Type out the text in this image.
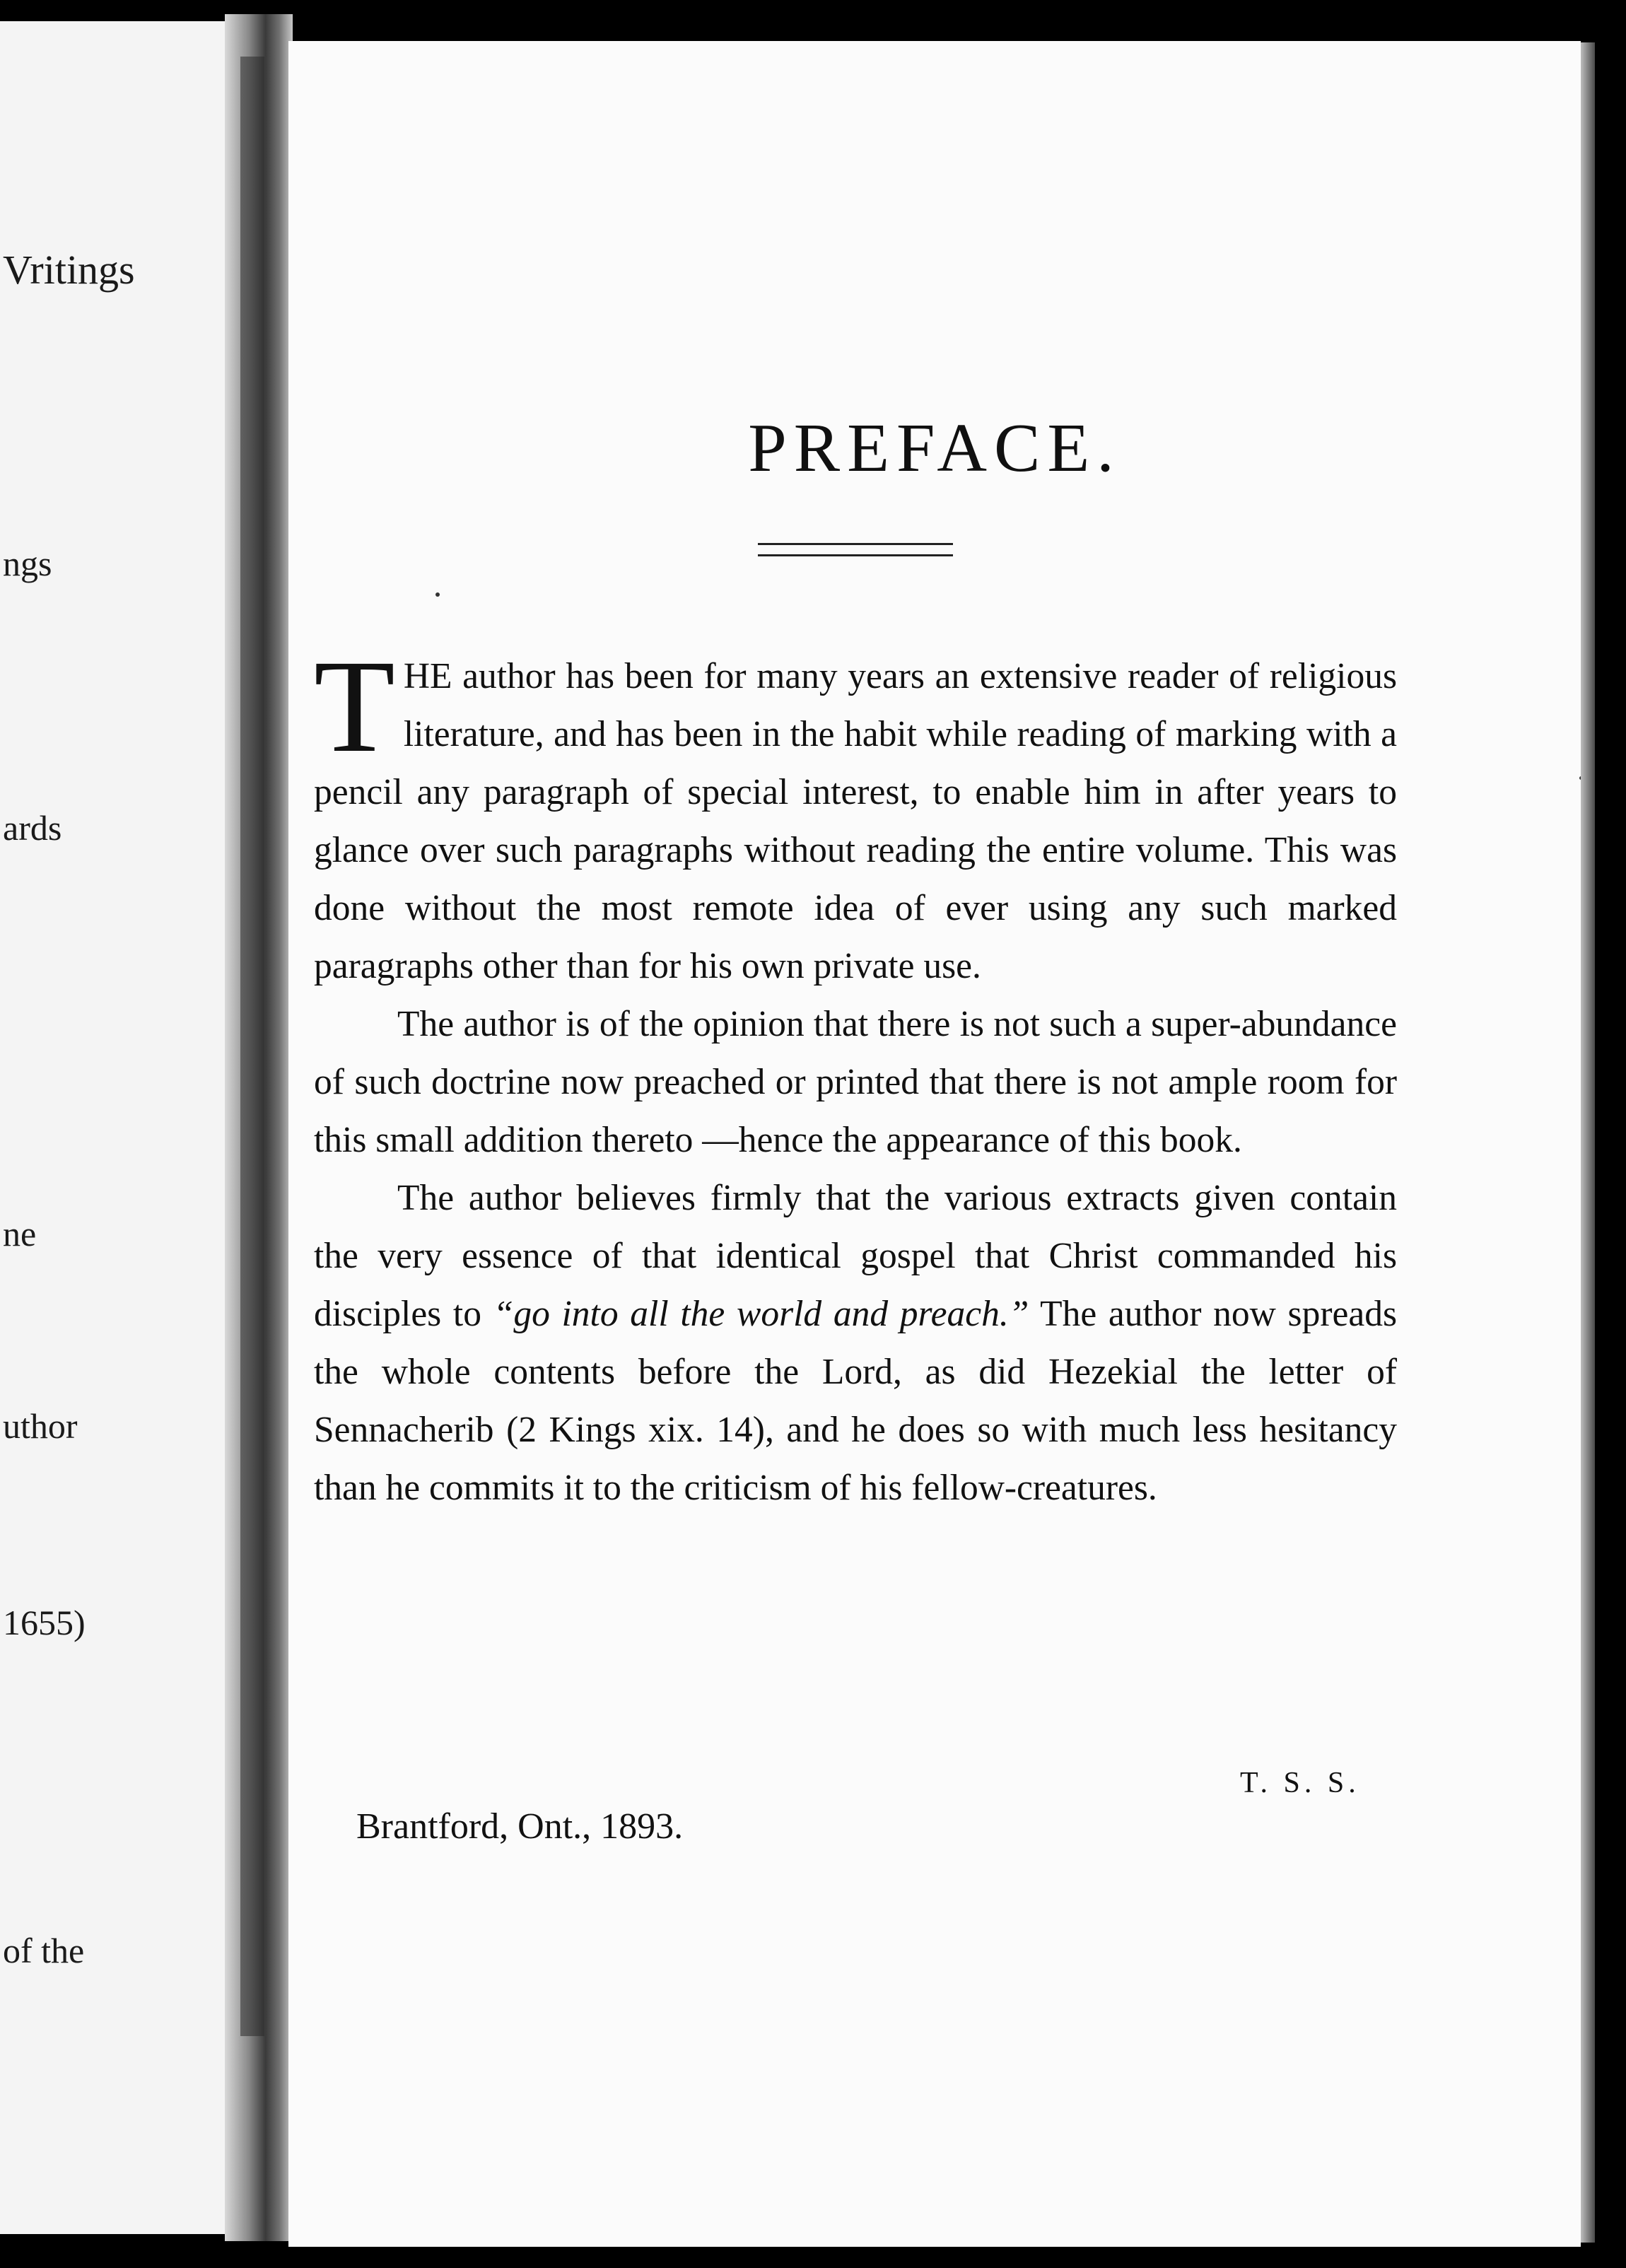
Vritings
ngs
ards
ne
uthor
1655)
of the
PREFACE.

THE author has been for many years an extensive reader of religious literature, and has been in the habit while reading of marking with a pencil any paragraph of special interest, to enable him in after years to glance over such paragraphs without reading the entire volume. This was done without the most remote idea of ever using any such marked paragraphs other than for his own private use.

The author is of the opinion that there is not such a super-abundance of such doctrine now preached or printed that there is not ample room for this small addition thereto —hence the appearance of this book.

The author believes firmly that the various extracts given contain the very essence of that identical gospel that Christ commanded his disciples to “go into all the world and preach.” The author now spreads the whole contents before the Lord, as did Hezekial the letter of Sennacherib (2 Kings xix. 14), and he does so with much less hesitancy than he commits it to the criticism of his fellow-creatures.

T. S. S.
Brantford, Ont., 1893.
